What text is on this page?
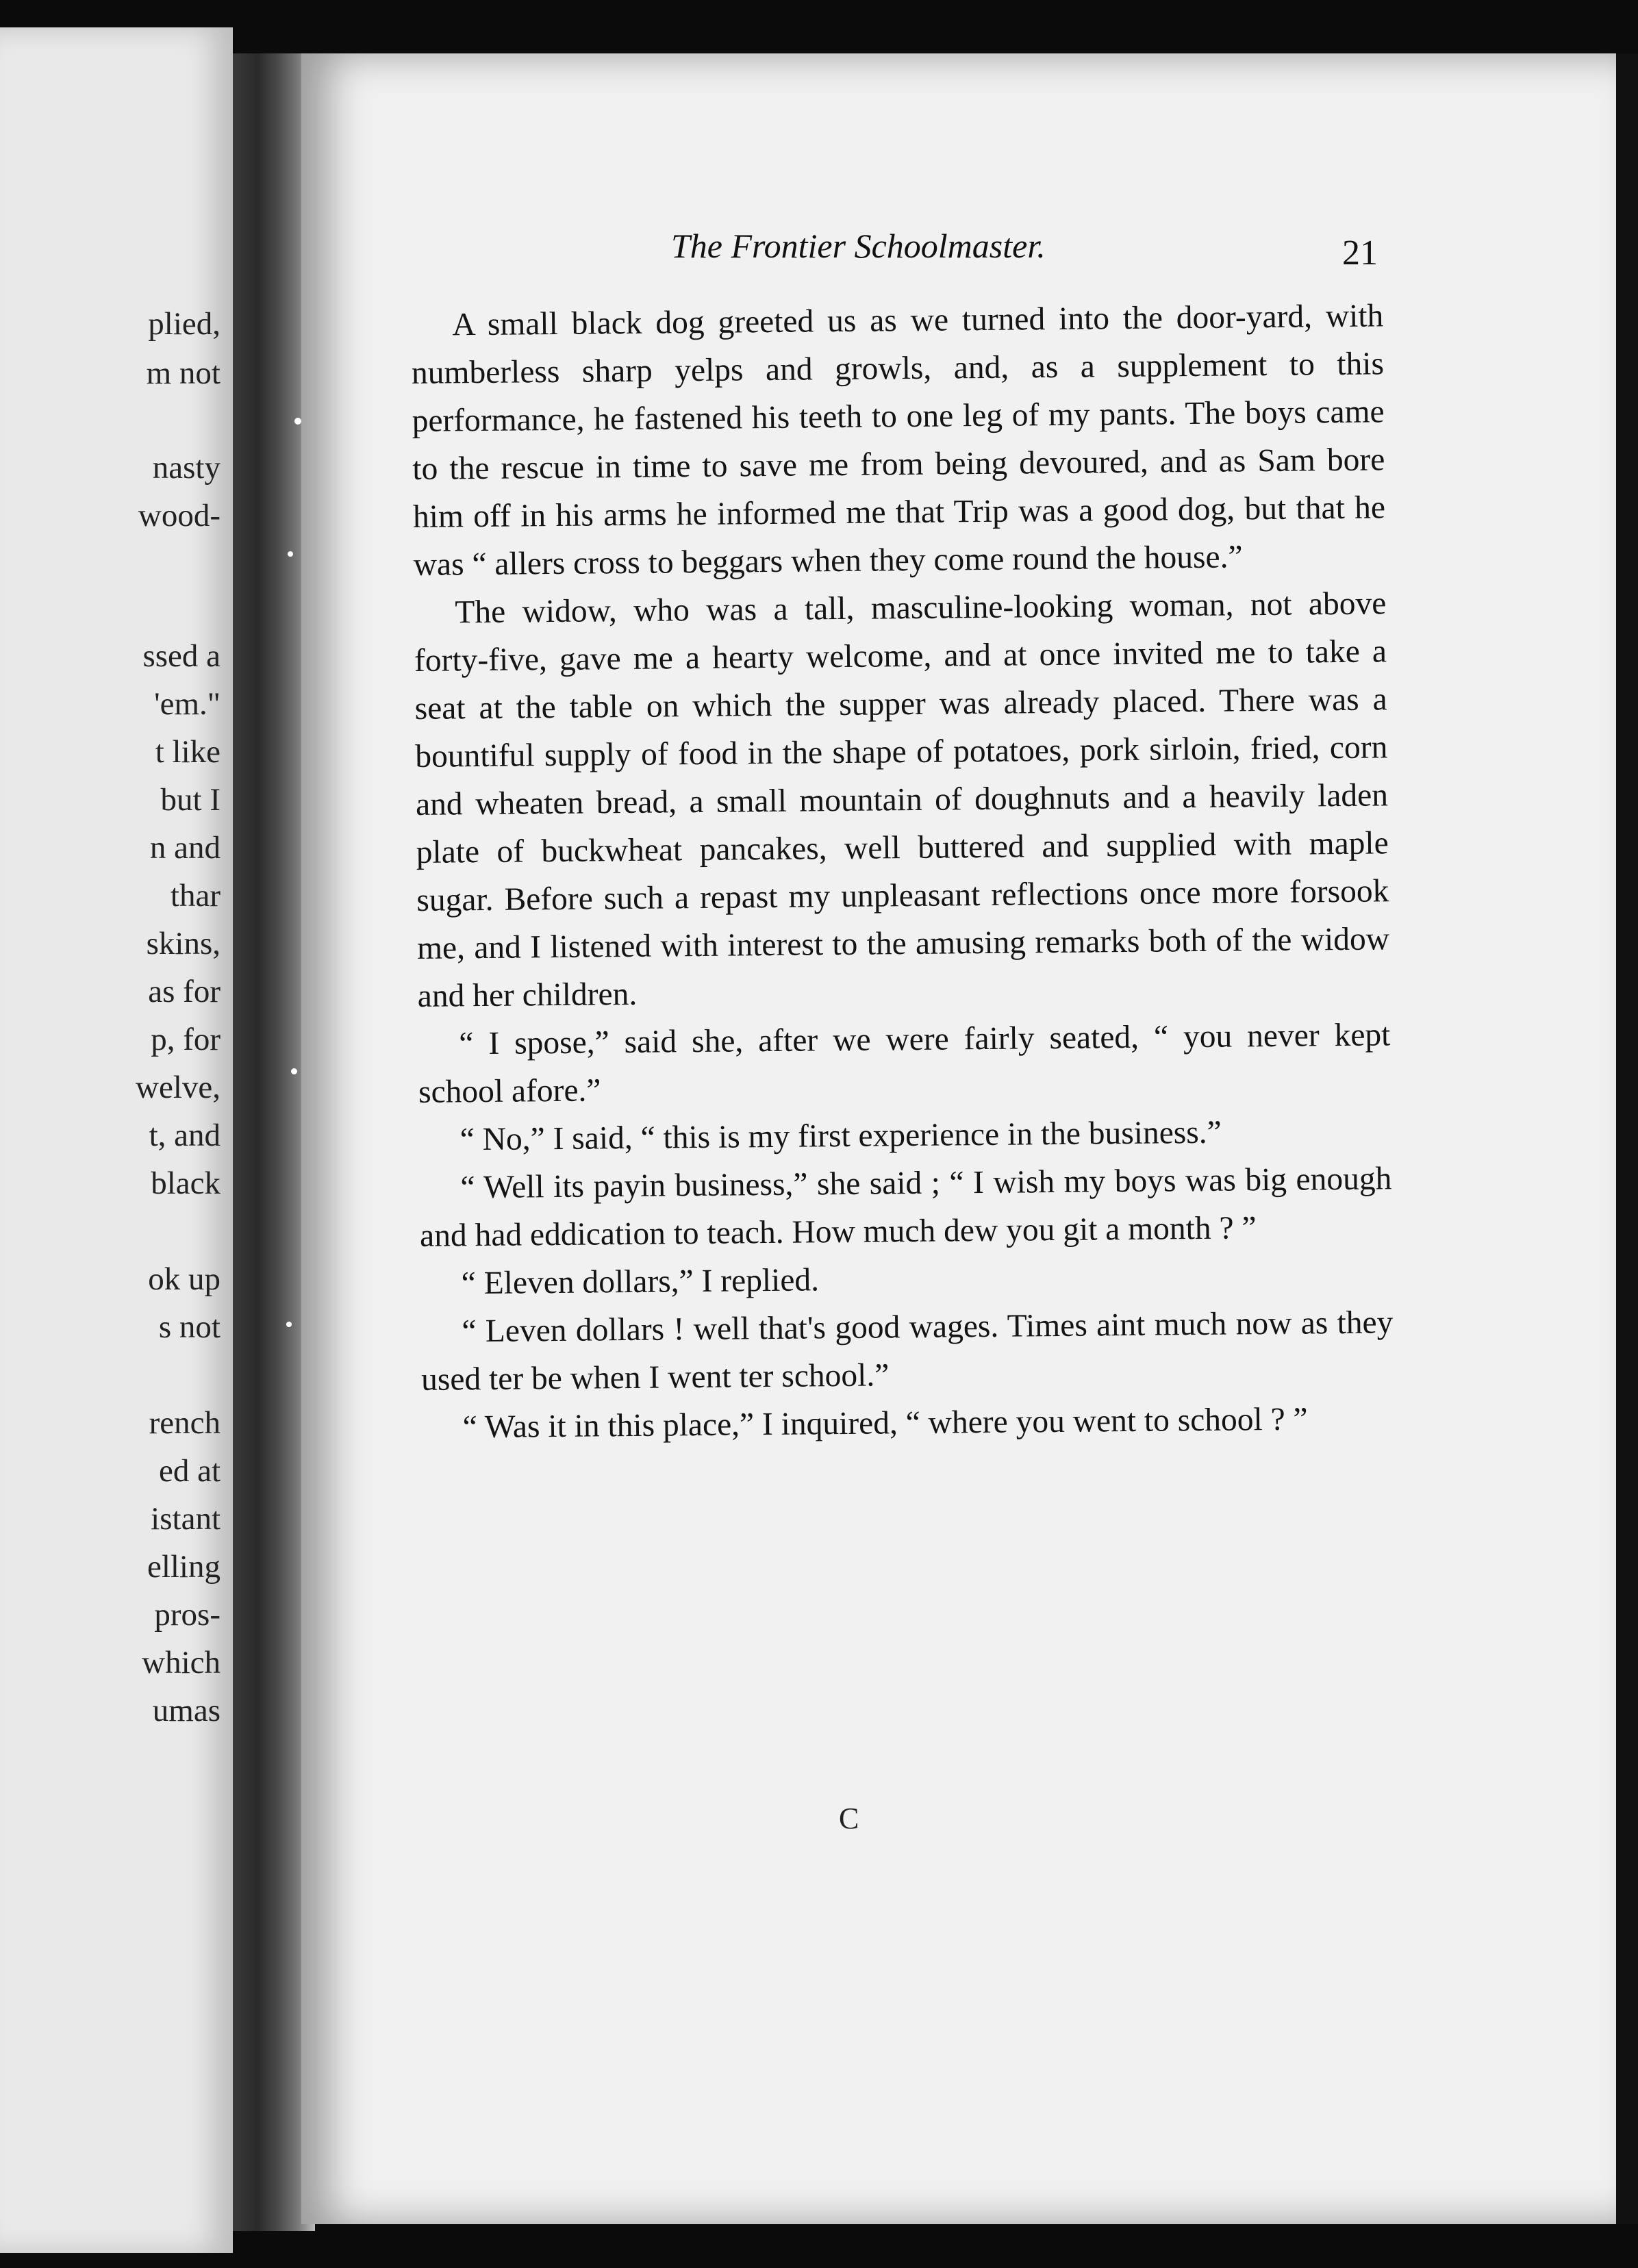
plied,
m not
nasty
wood-
ssed a
'em."
t like
but I
n and
thar
skins,
as for
p, for
welve,
t, and
black
ok up
s not
rench
ed at
istant
elling
pros-
which
umas
The Frontier Schoolmaster.	21

A small black dog greeted us as we turned into the door-yard, with numberless sharp yelps and growls, and, as a supplement to this performance, he fastened his teeth to one leg of my pants. The boys came to the rescue in time to save me from being devoured, and as Sam bore him off in his arms he informed me that Trip was a good dog, but that he was “ allers cross to beggars when they come round the house.”

The widow, who was a tall, masculine-looking woman, not above forty-five, gave me a hearty welcome, and at once invited me to take a seat at the table on which the supper was already placed. There was a bountiful supply of food in the shape of potatoes, pork sirloin, fried, corn and wheaten bread, a small mountain of doughnuts and a heavily laden plate of buckwheat pancakes, well buttered and supplied with maple sugar. Before such a repast my unpleasant reflections once more forsook me, and I listened with interest to the amusing remarks both of the widow and her children.

“ I spose,” said she, after we were fairly seated, “ you never kept school afore.”

“ No,” I said, “ this is my first experience in the business.”

“ Well its payin business,” she said ; “ I wish my boys was big enough and had eddication to teach. How much dew you git a month ? ”

“ Eleven dollars,” I replied.

“ Leven dollars ! well that's good wages. Times aint much now as they used ter be when I went ter school.”

“ Was it in this place,” I inquired, “ where you went to school ? ”

C
